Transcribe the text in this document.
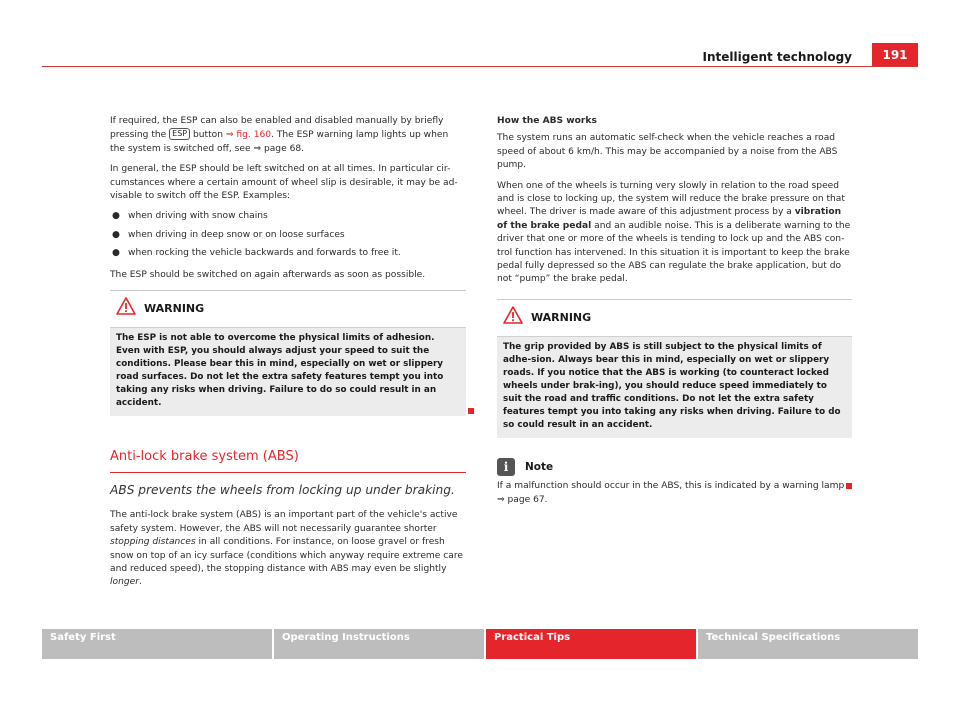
Intelligent technology	191

If required, the ESP can also be enabled and disabled manually by briefly pressing the ESP button ⇒ fig. 160. The ESP warning lamp lights up when the system is switched off, see ⇒ page 68.

In general, the ESP should be left switched on at all times. In particular cir-cumstances where a certain amount of wheel slip is desirable, it may be ad-visable to switch off the ESP. Examples:

● when driving with snow chains
● when driving in deep snow or on loose surfaces
● when rocking the vehicle backwards and forwards to free it.

The ESP should be switched on again afterwards as soon as possible.

WARNING
The ESP is not able to overcome the physical limits of adhesion. Even with ESP, you should always adjust your speed to suit the conditions. Please bear this in mind, especially on wet or slippery road surfaces. Do not let the extra safety features tempt you into taking any risks when driving. Failure to do so could result in an accident.
Anti-lock brake system (ABS)
ABS prevents the wheels from locking up under braking.

The anti-lock brake system (ABS) is an important part of the vehicle's active safety system. However, the ABS will not necessarily guarantee shorter stopping distances in all conditions. For instance, on loose gravel or fresh snow on top of an icy surface (conditions which anyway require extreme care and reduced speed), the stopping distance with ABS may even be slightly longer.

How the ABS works

The system runs an automatic self-check when the vehicle reaches a road speed of about 6 km/h. This may be accompanied by a noise from the ABS pump.

When one of the wheels is turning very slowly in relation to the road speed and is close to locking up, the system will reduce the brake pressure on that wheel. The driver is made aware of this adjustment process by a vibration of the brake pedal and an audible noise. This is a deliberate warning to the driver that one or more of the wheels is tending to lock up and the ABS con-trol function has intervened. In this situation it is important to keep the brake pedal fully depressed so the ABS can regulate the brake application, but do not “pump” the brake pedal.

WARNING
The grip provided by ABS is still subject to the physical limits of adhe-sion. Always bear this in mind, especially on wet or slippery roads. If you notice that the ABS is working (to counteract locked wheels under brak-ing), you should reduce speed immediately to suit the road and traffic conditions. Do not let the extra safety features tempt you into taking any risks when driving. Failure to do so could result in an accident.
i	Note

If a malfunction should occur in the ABS, this is indicated by a warning lamp ⇒ page 67.

Safety First	Operating Instructions	Practical Tips	Technical Specifications
